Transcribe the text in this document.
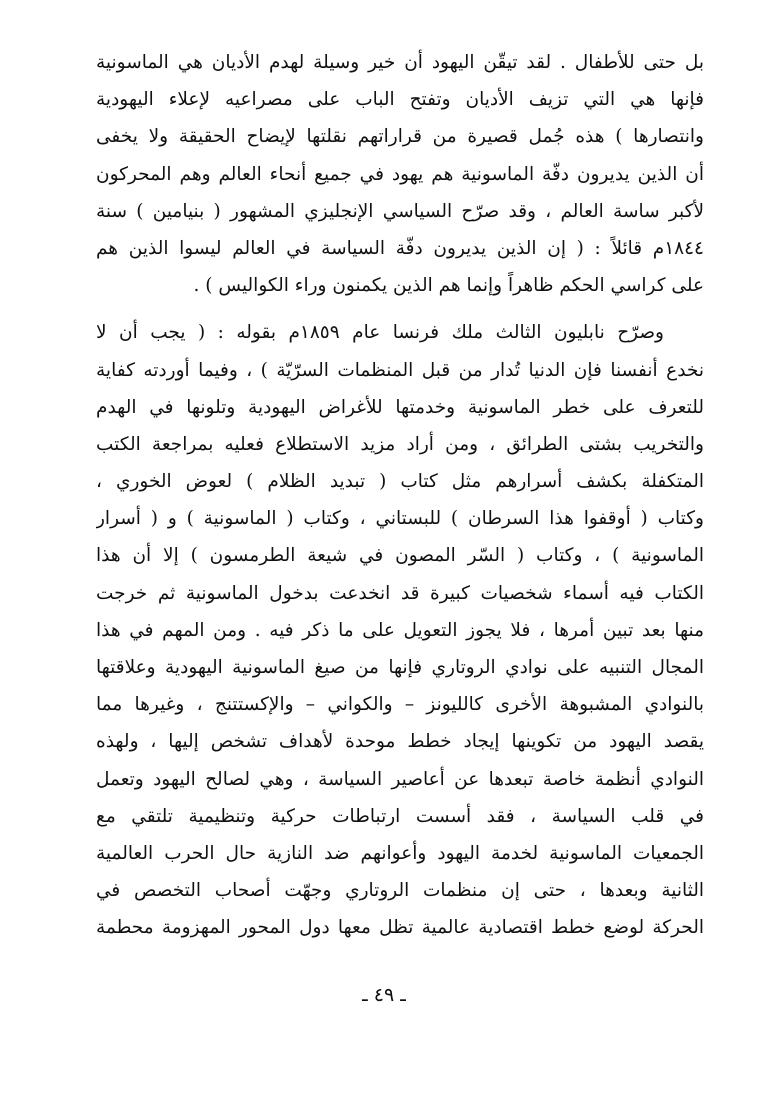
بل حتى للأطفال . لقد تيقّن اليهود أن خير وسيلة لهدم الأديان هي الماسونية
فإنها هي التي تزيف الأديان وتفتح الباب على مصراعيه لإعلاء اليهودية
وانتصارها ) هذه جُمل قصيرة من قراراتهم نقلتها لإيضاح الحقيقة ولا يخفى
أن الذين يديرون دفّة الماسونية هم يهود في جميع أنحاء العالم وهم المحركون
لأكبر ساسة العالم ، وقد صرّح السياسي الإنجليزي المشهور ( بنيامين ) سنة
١٨٤٤م قائلاً : ( إن الذين يديرون دفّة السياسة في العالم ليسوا الذين هم
على كراسي الحكم ظاهراً وإنما هم الذين يكمنون وراء الكواليس ) .
وصرّح نابليون الثالث ملك فرنسا عام ١٨٥٩م بقوله : ( يجب أن لا
نخدع أنفسنا فإن الدنيا تُدار من قبل المنظمات السرّيّة ) ، وفيما أوردته كفاية
للتعرف على خطر الماسونية وخدمتها للأغراض اليهودية وتلونها في الهدم
والتخريب بشتى الطرائق ، ومن أراد مزيد الاستطلاع فعليه بمراجعة الكتب
المتكفلة بكشف أسرارهم مثل كتاب ( تبديد الظلام ) لعوض الخوري ،
وكتاب ( أوقفوا هذا السرطان ) للبستاني ، وكتاب ( الماسونية ) و ( أسرار
الماسونية ) ، وكتاب ( السّر المصون في شيعة الطرمسون ) إلا أن هذا
الكتاب فيه أسماء شخصيات كبيرة قد انخدعت بدخول الماسونية ثم خرجت
منها بعد تبين أمرها ، فلا يجوز التعويل على ما ذكر فيه . ومن المهم في هذا
المجال التنبيه على نوادي الروتاري فإنها من صيغ الماسونية اليهودية وعلاقتها
بالنوادي المشبوهة الأخرى كالليونز – والكواني – والإكستتنج ، وغيرها مما
يقصد اليهود من تكوينها إيجاد خطط موحدة لأهداف تشخص إليها ، ولهذه
النوادي أنظمة خاصة تبعدها عن أعاصير السياسة ، وهي لصالح اليهود وتعمل
في قلب السياسة ، فقد أسست ارتباطات حركية وتنظيمية تلتقي مع
الجمعيات الماسونية لخدمة اليهود وأعوانهم ضد النازية حال الحرب العالمية
الثانية وبعدها ، حتى إن منظمات الروتاري وجهّت أصحاب التخصص في
الحركة لوضع خطط اقتصادية عالمية تظل معها دول المحور المهزومة محطمة
ـ ٤٩ ـ
